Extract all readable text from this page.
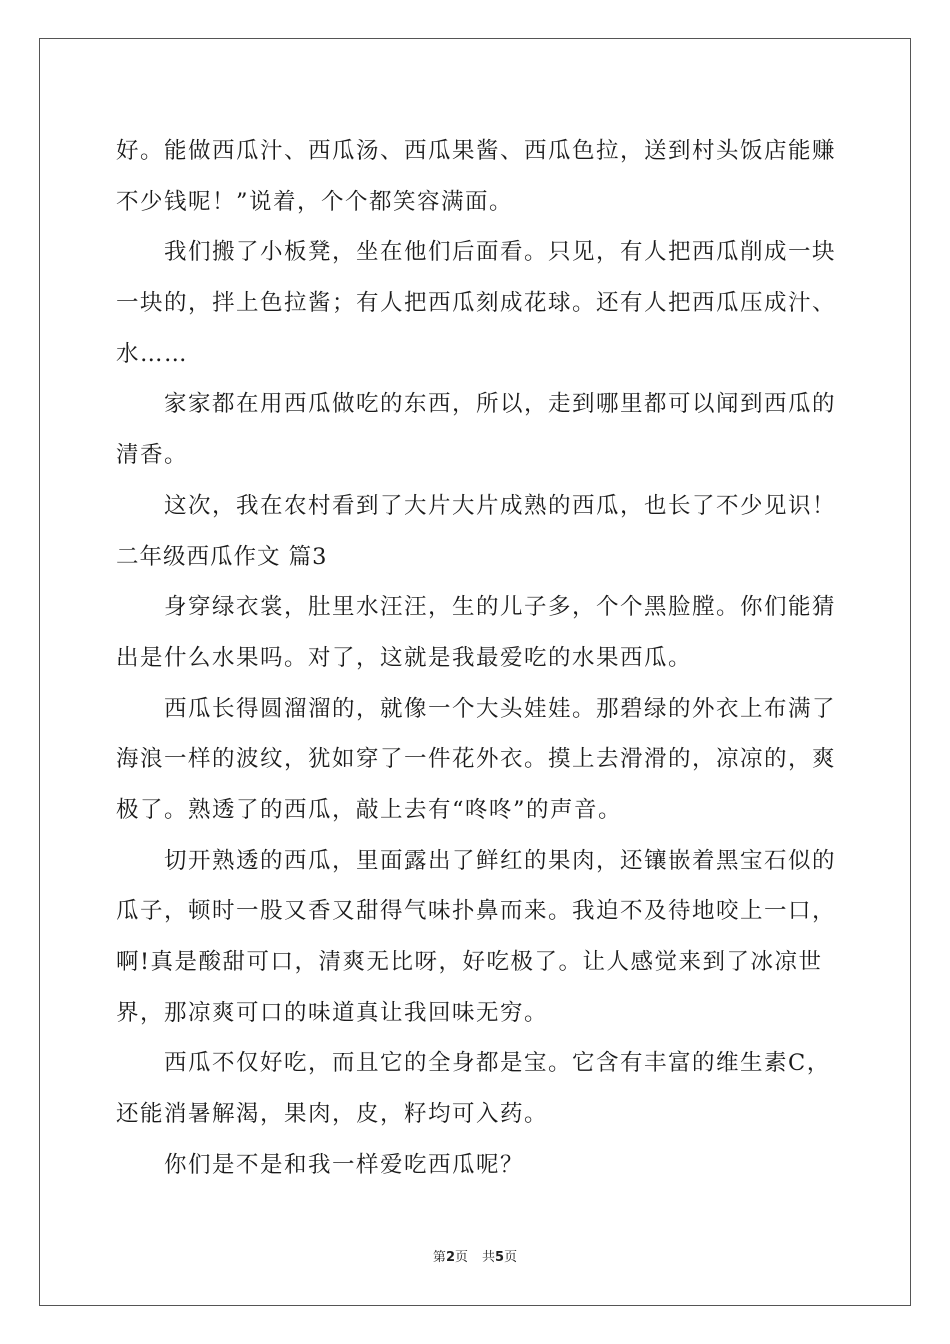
好。能做西瓜汁、西瓜汤、西瓜果酱、西瓜色拉，送到村头饭店能赚

不少钱呢！”说着，个个都笑容满面。

我们搬了小板凳，坐在他们后面看。只见，有人把西瓜削成一块

一块的，拌上色拉酱；有人把西瓜刻成花球。还有人把西瓜压成汁、

水……

家家都在用西瓜做吃的东西，所以，走到哪里都可以闻到西瓜的

清香。

这次，我在农村看到了大片大片成熟的西瓜，也长了不少见识！

二年级西瓜作文 篇3

身穿绿衣裳，肚里水汪汪，生的儿子多，个个黑脸膛。你们能猜

出是什么水果吗。对了，这就是我最爱吃的水果西瓜。

西瓜长得圆溜溜的，就像一个大头娃娃。那碧绿的外衣上布满了

海浪一样的波纹，犹如穿了一件花外衣。摸上去滑滑的，凉凉的，爽

极了。熟透了的西瓜，敲上去有“咚咚”的声音。

切开熟透的西瓜，里面露出了鲜红的果肉，还镶嵌着黑宝石似的

瓜子，顿时一股又香又甜得气味扑鼻而来。我迫不及待地咬上一口，

啊!真是酸甜可口，清爽无比呀，好吃极了。让人感觉来到了冰凉世

界，那凉爽可口的味道真让我回味无穷。

西瓜不仅好吃，而且它的全身都是宝。它含有丰富的维生素C，

还能消暑解渴，果肉，皮，籽均可入药。

你们是不是和我一样爱吃西瓜呢？

第2页 共5页
